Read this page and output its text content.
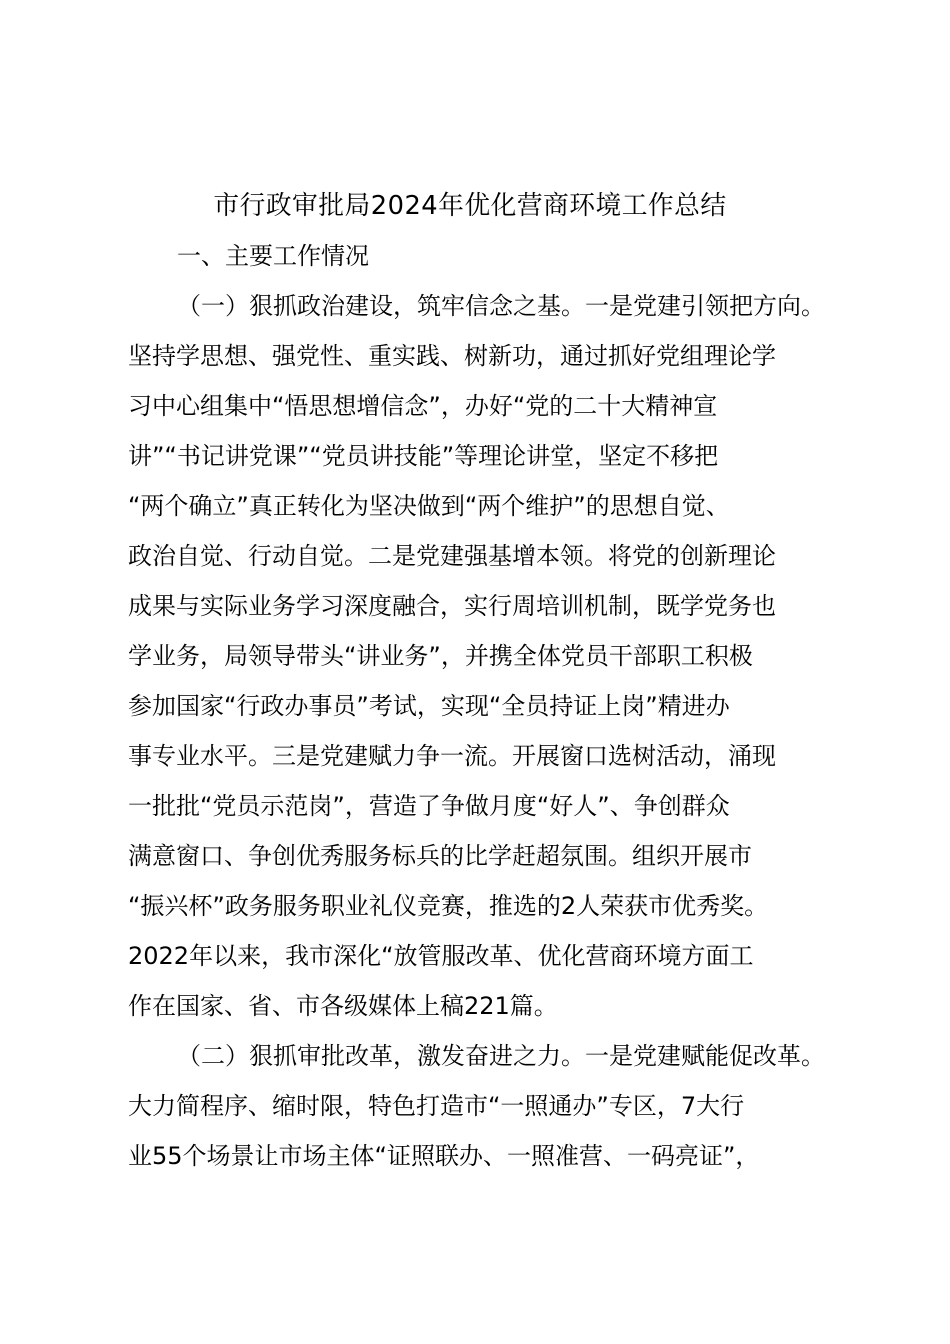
市行政审批局2024年优化营商环境工作总结
一、主要工作情况
（一）狠抓政治建设，筑牢信念之基。一是党建引领把方向。
坚持学思想、强党性、重实践、树新功，通过抓好党组理论学
习中心组集中“悟思想增信念”，办好“党的二十大精神宣
讲”“书记讲党课”“党员讲技能”等理论讲堂，坚定不移把
“两个确立”真正转化为坚决做到“两个维护”的思想自觉、
政治自觉、行动自觉。二是党建强基增本领。将党的创新理论
成果与实际业务学习深度融合，实行周培训机制，既学党务也
学业务，局领导带头“讲业务”，并携全体党员干部职工积极
参加国家“行政办事员”考试，实现“全员持证上岗”精进办
事专业水平。三是党建赋力争一流。开展窗口选树活动，涌现
一批批“党员示范岗”，营造了争做月度“好人”、争创群众
满意窗口、争创优秀服务标兵的比学赶超氛围。组织开展市
“振兴杯”政务服务职业礼仪竞赛，推选的2人荣获市优秀奖。
2022年以来，我市深化“放管服改革、优化营商环境方面工
作在国家、省、市各级媒体上稿221篇。
（二）狠抓审批改革，激发奋进之力。一是党建赋能促改革。
大力简程序、缩时限，特色打造市“一照通办”专区，7大行
业55个场景让市场主体“证照联办、一照准营、一码亮证”，
